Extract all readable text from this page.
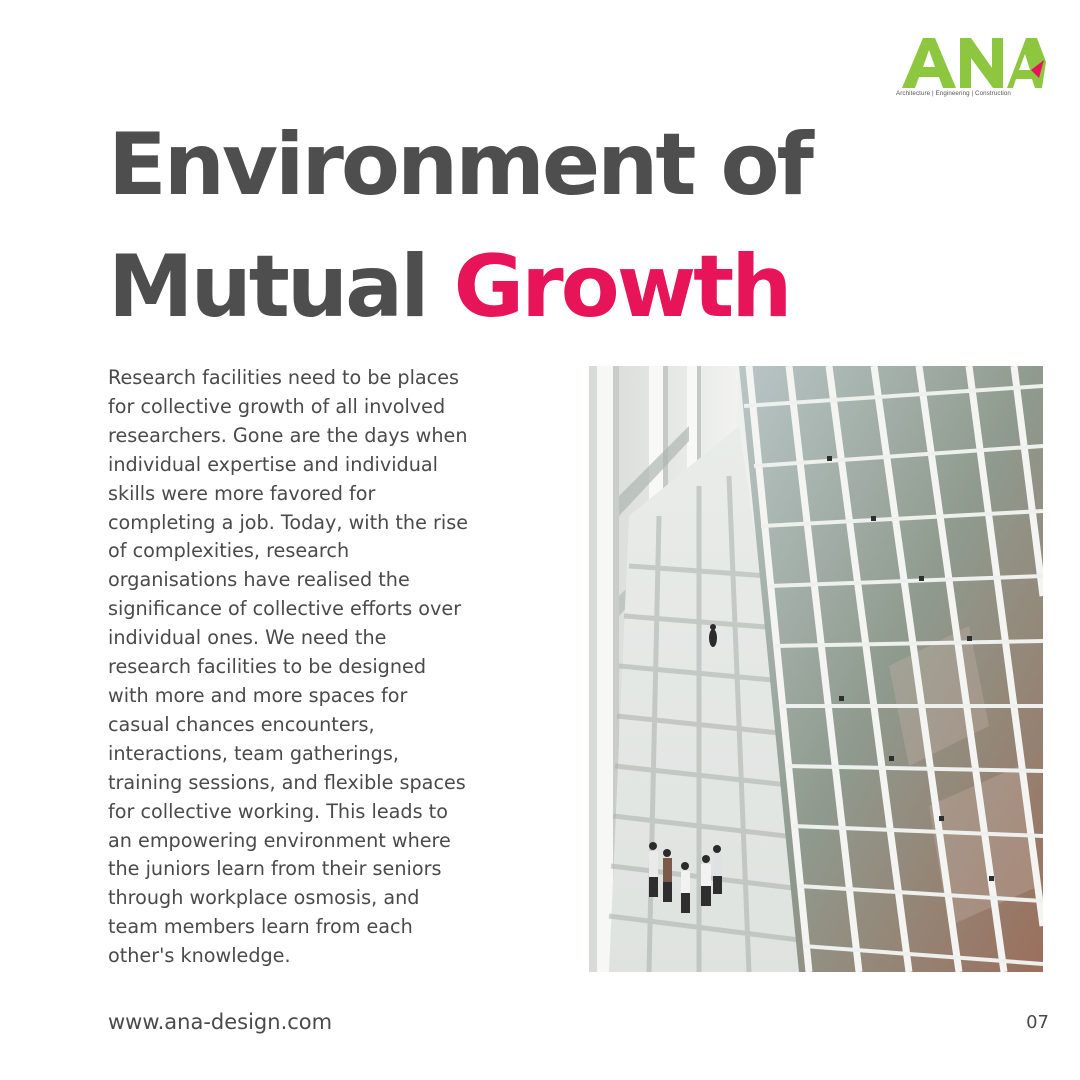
Architecture | Engineering | Construction
Environment of
Mutual Growth

Research facilities need to be places
for collective growth of all involved
researchers. Gone are the days when
individual expertise and individual
skills were more favored for
completing a job. Today, with the rise
of complexities, research
organisations have realised the
significance of collective efforts over
individual ones. We need the
research facilities to be designed
with more and more spaces for
casual chances encounters,
interactions, team gatherings,
training sessions, and flexible spaces
for collective working. This leads to
an empowering environment where
the juniors learn from their seniors
through workplace osmosis, and
team members learn from each
other's knowledge.

www.ana-design.com	07
